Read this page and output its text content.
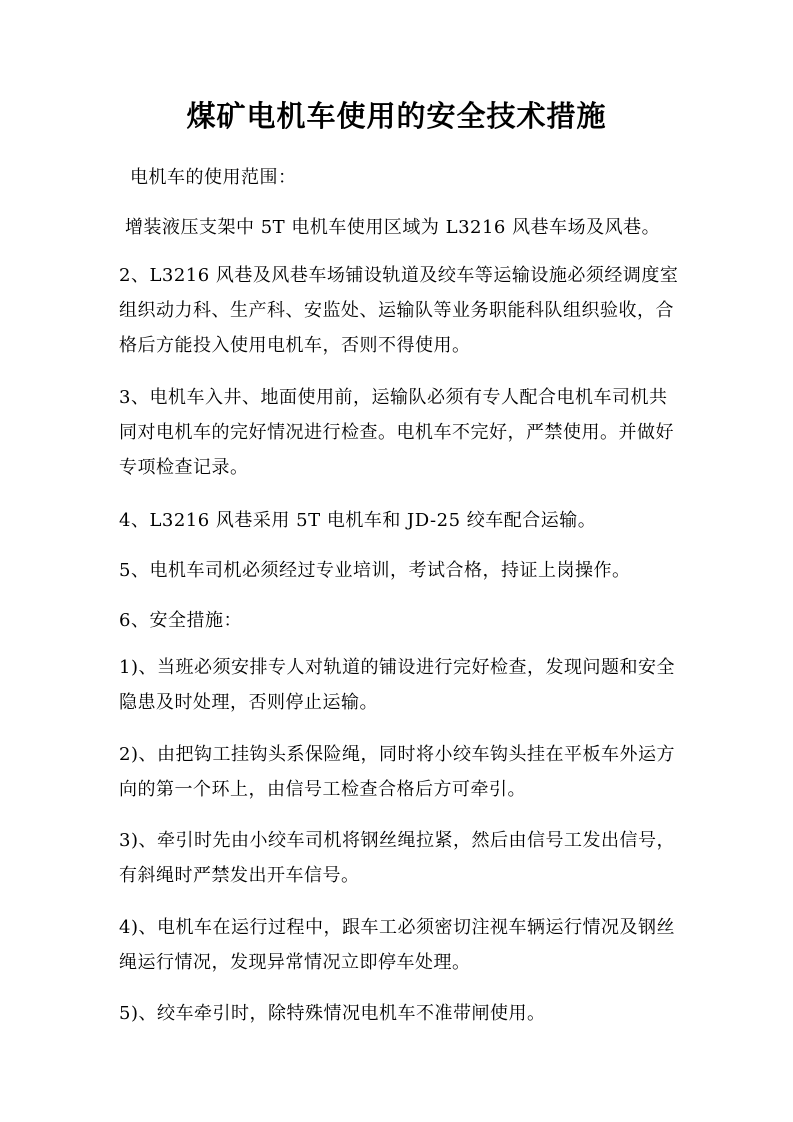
煤矿电机车使用的安全技术措施

电机车的使用范围：

增装液压支架中 5T 电机车使用区域为 L3216 风巷车场及风巷。

2、L3216 风巷及风巷车场铺设轨道及绞车等运输设施必须经调度室组织动力科、生产科、安监处、运输队等业务职能科队组织验收，合格后方能投入使用电机车，否则不得使用。

3、电机车入井、地面使用前，运输队必须有专人配合电机车司机共同对电机车的完好情况进行检查。电机车不完好，严禁使用。并做好专项检查记录。

4、L3216 风巷采用 5T 电机车和 JD-25 绞车配合运输。

5、电机车司机必须经过专业培训，考试合格，持证上岗操作。

6、安全措施：

1)、当班必须安排专人对轨道的铺设进行完好检查，发现问题和安全隐患及时处理，否则停止运输。

2)、由把钩工挂钩头系保险绳，同时将小绞车钩头挂在平板车外运方向的第一个环上，由信号工检查合格后方可牵引。

3)、牵引时先由小绞车司机将钢丝绳拉紧，然后由信号工发出信号，有斜绳时严禁发出开车信号。

4)、电机车在运行过程中，跟车工必须密切注视车辆运行情况及钢丝绳运行情况，发现异常情况立即停车处理。

5)、绞车牵引时，除特殊情况电机车不准带闸使用。
